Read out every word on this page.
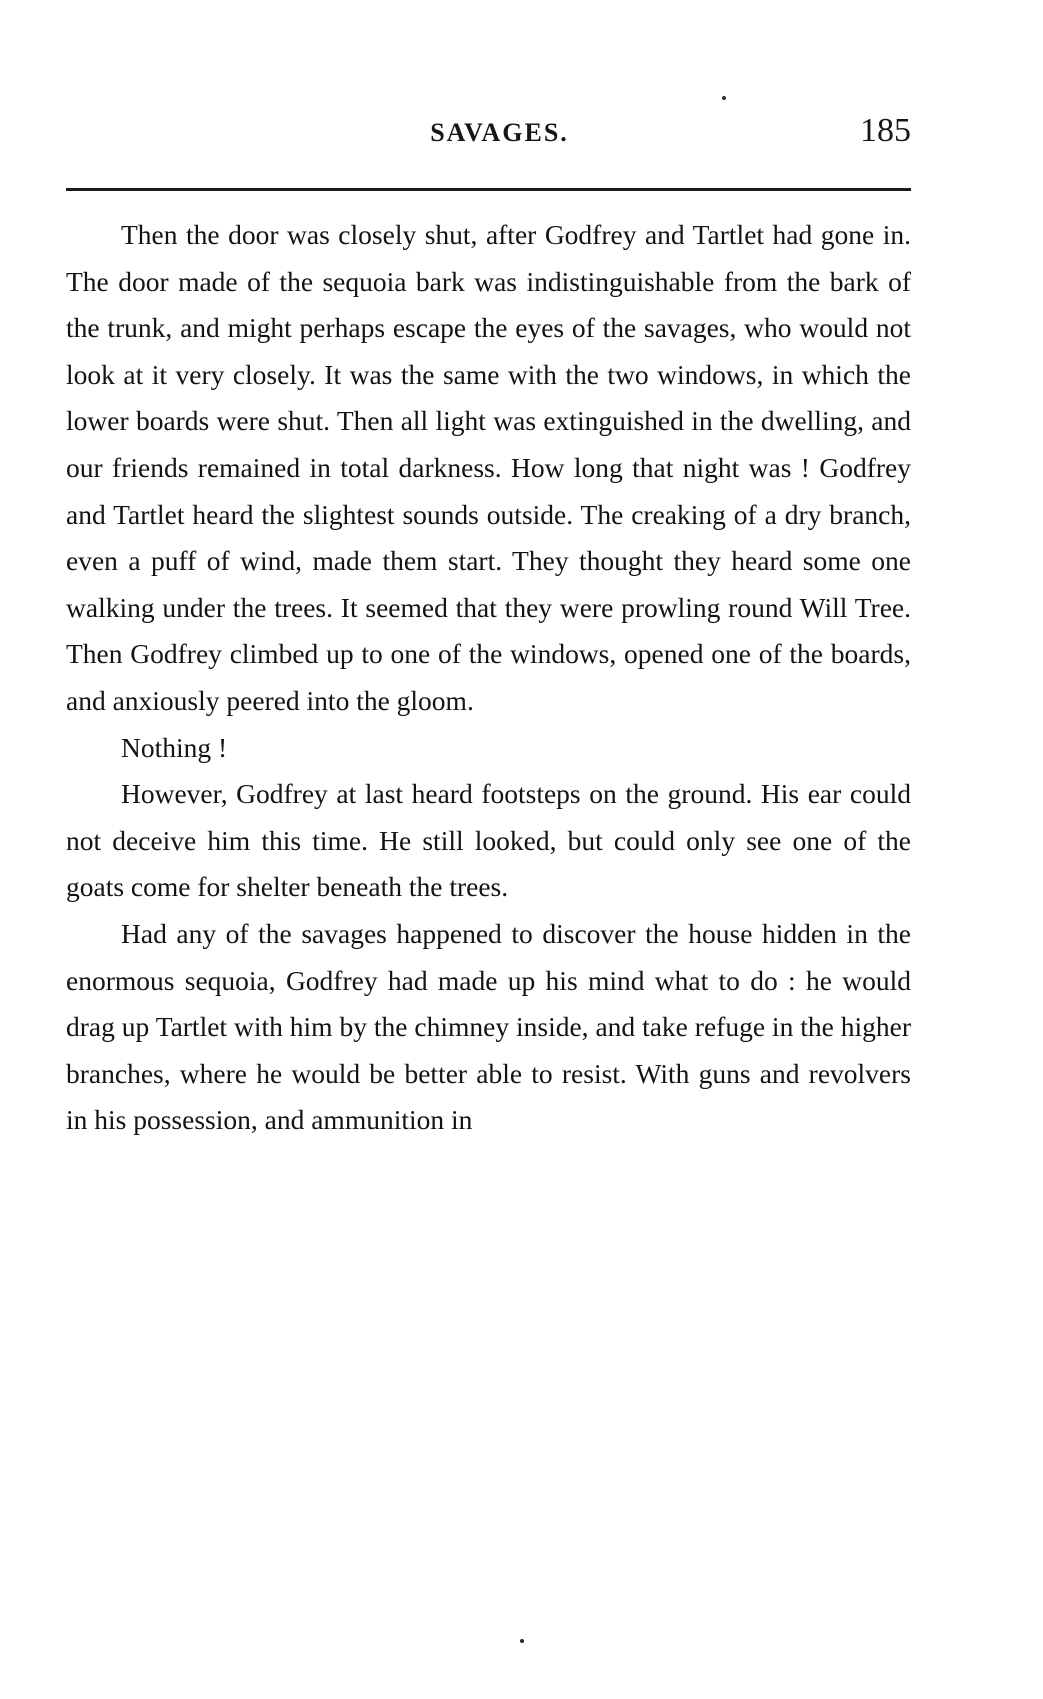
SAVAGES.	185

Then the door was closely shut, after Godfrey and Tartlet had gone in. The door made of the sequoia bark was indistinguishable from the bark of the trunk, and might perhaps escape the eyes of the savages, who would not look at it very closely. It was the same with the two windows, in which the lower boards were shut. Then all light was extinguished in the dwelling, and our friends remained in total darkness. How long that night was ! Godfrey and Tartlet heard the slightest sounds outside. The creaking of a dry branch, even a puff of wind, made them start. They thought they heard some one walking under the trees. It seemed that they were prowling round Will Tree. Then Godfrey climbed up to one of the windows, opened one of the boards, and anxiously peered into the gloom.

Nothing !

However, Godfrey at last heard footsteps on the ground. His ear could not deceive him this time. He still looked, but could only see one of the goats come for shelter beneath the trees.

Had any of the savages happened to discover the house hidden in the enormous sequoia, Godfrey had made up his mind what to do : he would drag up Tartlet with him by the chimney inside, and take refuge in the higher branches, where he would be better able to resist. With guns and revolvers in his possession, and ammunition in
